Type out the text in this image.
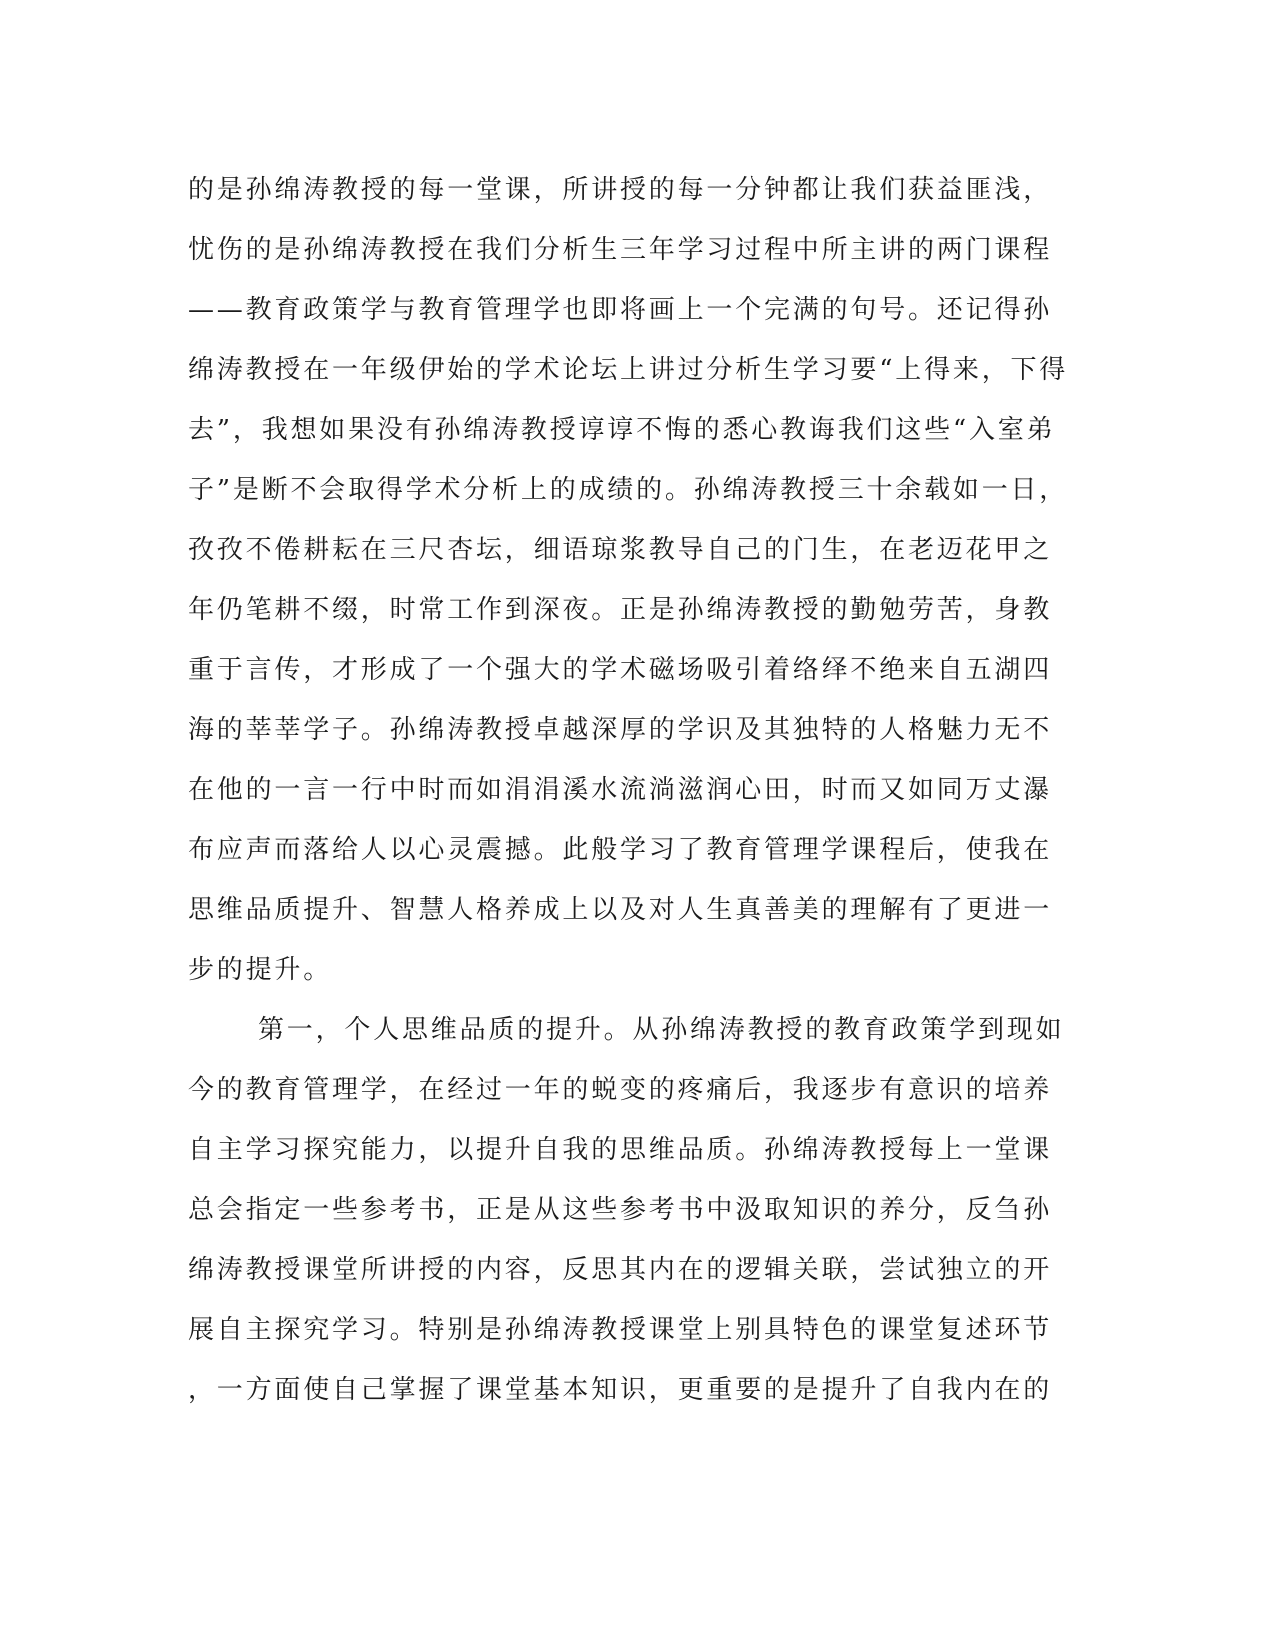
的是孙绵涛教授的每一堂课，所讲授的每一分钟都让我们获益匪浅，
忧伤的是孙绵涛教授在我们分析生三年学习过程中所主讲的两门课程
——教育政策学与教育管理学也即将画上一个完满的句号。还记得孙
绵涛教授在一年级伊始的学术论坛上讲过分析生学习要“上得来，下得
去”，我想如果没有孙绵涛教授谆谆不悔的悉心教诲我们这些“入室弟
子”是断不会取得学术分析上的成绩的。孙绵涛教授三十余载如一日，
孜孜不倦耕耘在三尺杏坛，细语琼浆教导自己的门生，在老迈花甲之
年仍笔耕不缀，时常工作到深夜。正是孙绵涛教授的勤勉劳苦，身教
重于言传，才形成了一个强大的学术磁场吸引着络绎不绝来自五湖四
海的莘莘学子。孙绵涛教授卓越深厚的学识及其独特的人格魅力无不
在他的一言一行中时而如涓涓溪水流淌滋润心田，时而又如同万丈瀑
布应声而落给人以心灵震撼。此般学习了教育管理学课程后，使我在
思维品质提升、智慧人格养成上以及对人生真善美的理解有了更进一
步的提升。
第一，个人思维品质的提升。从孙绵涛教授的教育政策学到现如
今的教育管理学，在经过一年的蜕变的疼痛后，我逐步有意识的培养
自主学习探究能力，以提升自我的思维品质。孙绵涛教授每上一堂课
总会指定一些参考书，正是从这些参考书中汲取知识的养分，反刍孙
绵涛教授课堂所讲授的内容，反思其内在的逻辑关联，尝试独立的开
展自主探究学习。特别是孙绵涛教授课堂上别具特色的课堂复述环节
，一方面使自己掌握了课堂基本知识，更重要的是提升了自我内在的
